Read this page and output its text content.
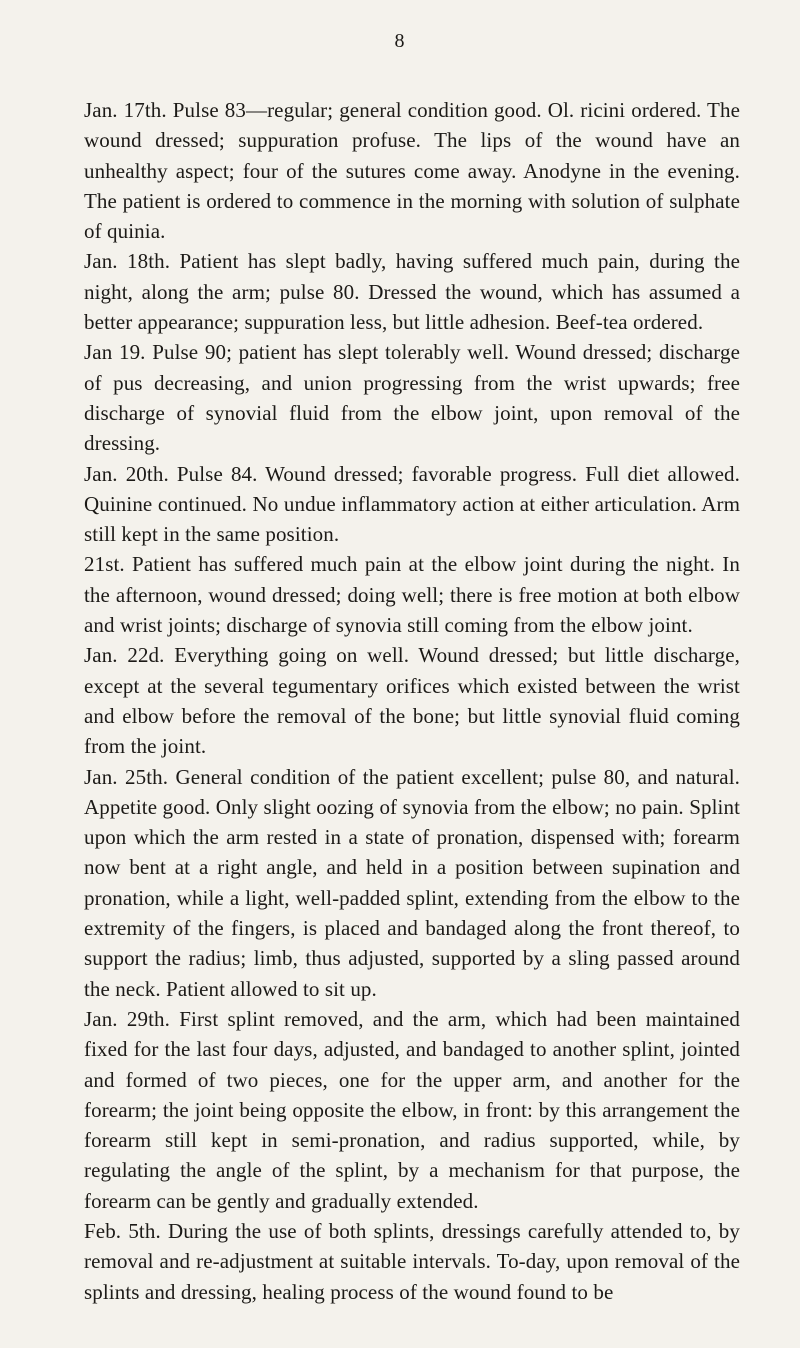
8

Jan. 17th. Pulse 83—regular; general condition good. Ol. ricini ordered. The wound dressed; suppuration profuse. The lips of the wound have an unhealthy aspect; four of the sutures come away. Anodyne in the evening. The patient is ordered to commence in the morning with solution of sulphate of quinia.

Jan. 18th. Patient has slept badly, having suffered much pain, during the night, along the arm; pulse 80. Dressed the wound, which has assumed a better appearance; suppuration less, but little adhesion. Beef-tea ordered.

Jan 19. Pulse 90; patient has slept tolerably well. Wound dressed; discharge of pus decreasing, and union progressing from the wrist upwards; free discharge of synovial fluid from the elbow joint, upon removal of the dressing.

Jan. 20th. Pulse 84. Wound dressed; favorable progress. Full diet allowed. Quinine continued. No undue inflammatory action at either articulation. Arm still kept in the same position.

21st. Patient has suffered much pain at the elbow joint during the night. In the afternoon, wound dressed; doing well; there is free motion at both elbow and wrist joints; discharge of synovia still coming from the elbow joint.

Jan. 22d. Everything going on well. Wound dressed; but little discharge, except at the several tegumentary orifices which existed between the wrist and elbow before the removal of the bone; but little synovial fluid coming from the joint.

Jan. 25th. General condition of the patient excellent; pulse 80, and natural. Appetite good. Only slight oozing of synovia from the elbow; no pain. Splint upon which the arm rested in a state of pronation, dispensed with; forearm now bent at a right angle, and held in a position between supination and pronation, while a light, well-padded splint, extending from the elbow to the extremity of the fingers, is placed and bandaged along the front thereof, to support the radius; limb, thus adjusted, supported by a sling passed around the neck. Patient allowed to sit up.

Jan. 29th. First splint removed, and the arm, which had been maintained fixed for the last four days, adjusted, and bandaged to another splint, jointed and formed of two pieces, one for the upper arm, and another for the forearm; the joint being opposite the elbow, in front: by this arrangement the forearm still kept in semi-pronation, and radius supported, while, by regulating the angle of the splint, by a mechanism for that purpose, the forearm can be gently and gradually extended.

Feb. 5th. During the use of both splints, dressings carefully attended to, by removal and re-adjustment at suitable intervals. To-day, upon removal of the splints and dressing, healing process of the wound found to be
